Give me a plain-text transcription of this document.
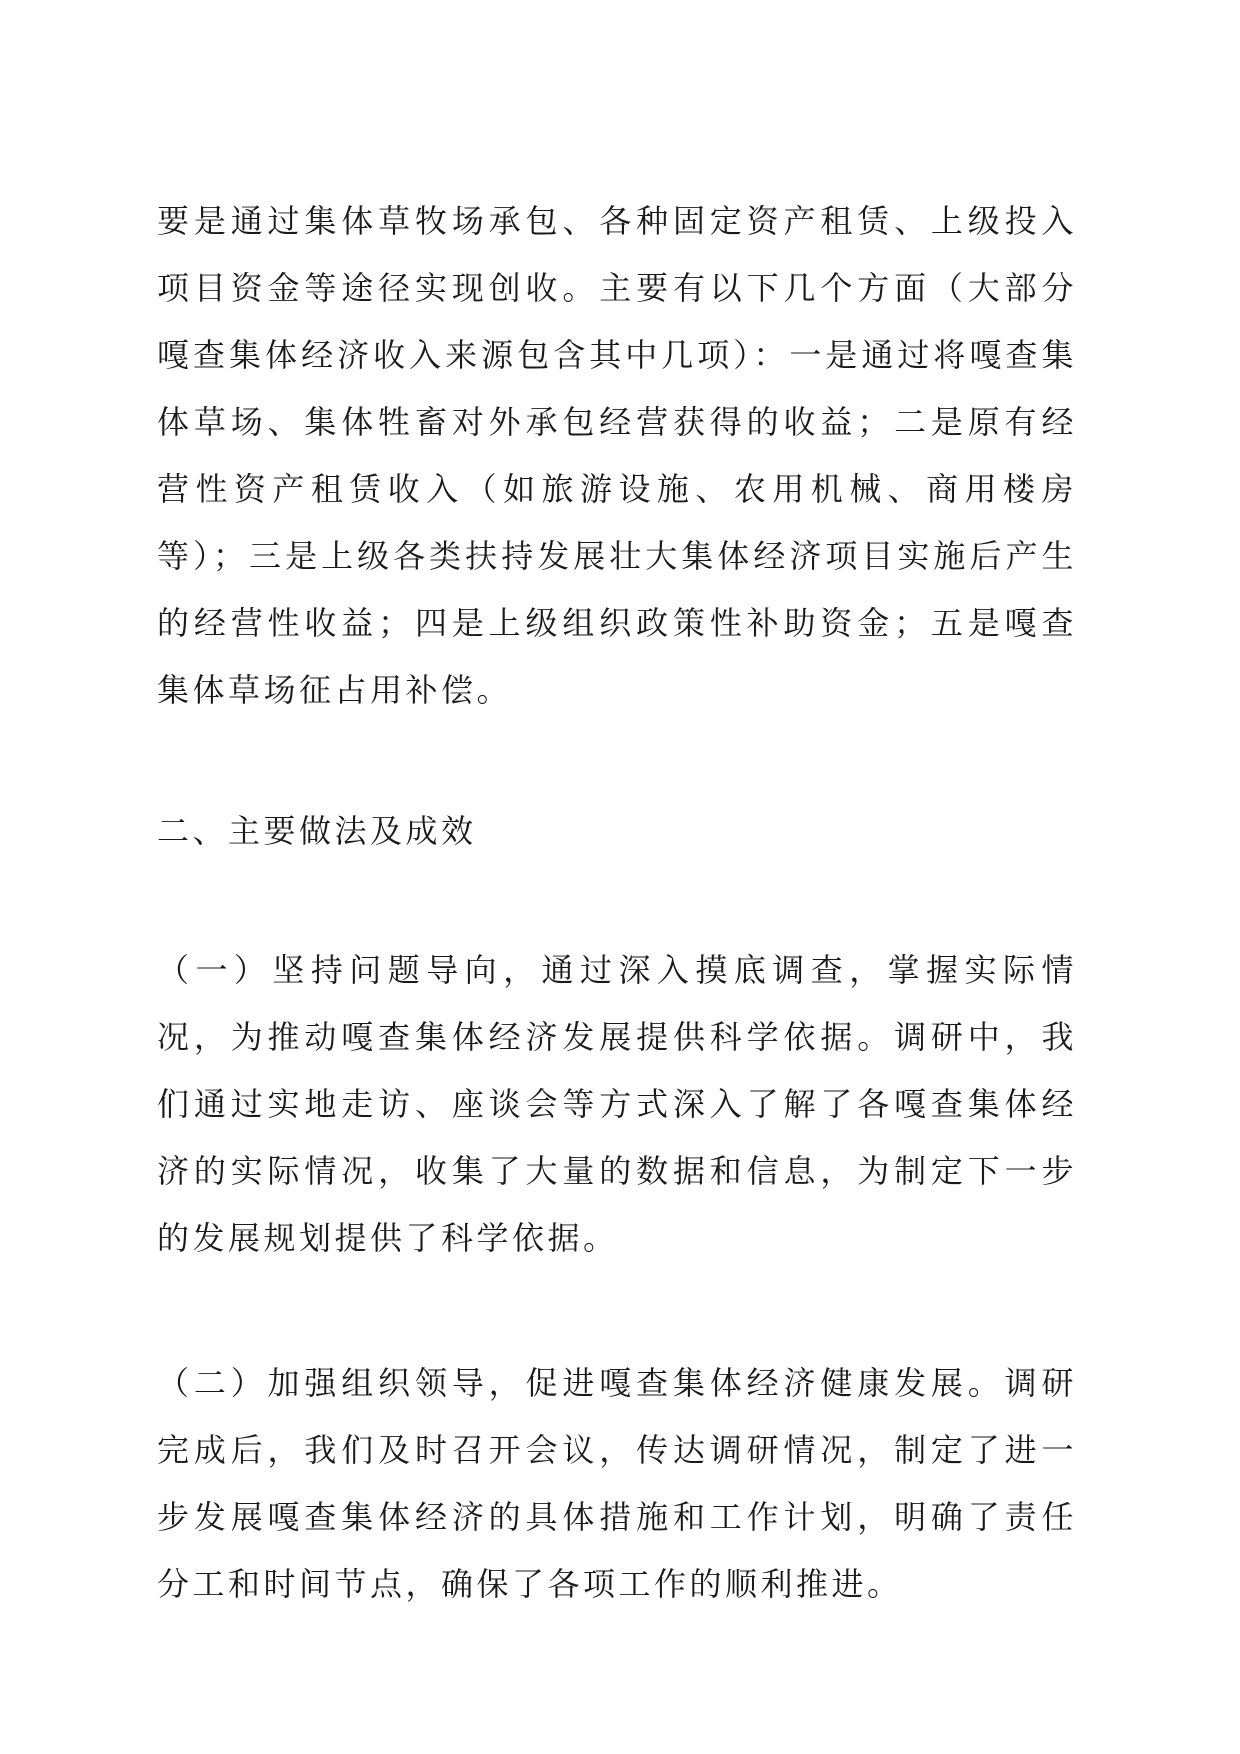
要是通过集体草牧场承包、各种固定资产租赁、上级投入项目资金等途径实现创收。主要有以下几个方面（大部分嘎查集体经济收入来源包含其中几项）：一是通过将嘎查集体草场、集体牲畜对外承包经营获得的收益；二是原有经营性资产租赁收入（如旅游设施、农用机械、商用楼房等）；三是上级各类扶持发展壮大集体经济项目实施后产生的经营性收益；四是上级组织政策性补助资金；五是嘎查集体草场征占用补偿。

二、主要做法及成效

（一）坚持问题导向，通过深入摸底调查，掌握实际情况，为推动嘎查集体经济发展提供科学依据。调研中，我们通过实地走访、座谈会等方式深入了解了各嘎查集体经济的实际情况，收集了大量的数据和信息，为制定下一步的发展规划提供了科学依据。

（二）加强组织领导，促进嘎查集体经济健康发展。调研完成后，我们及时召开会议，传达调研情况，制定了进一步发展嘎查集体经济的具体措施和工作计划，明确了责任分工和时间节点，确保了各项工作的顺利推进。
